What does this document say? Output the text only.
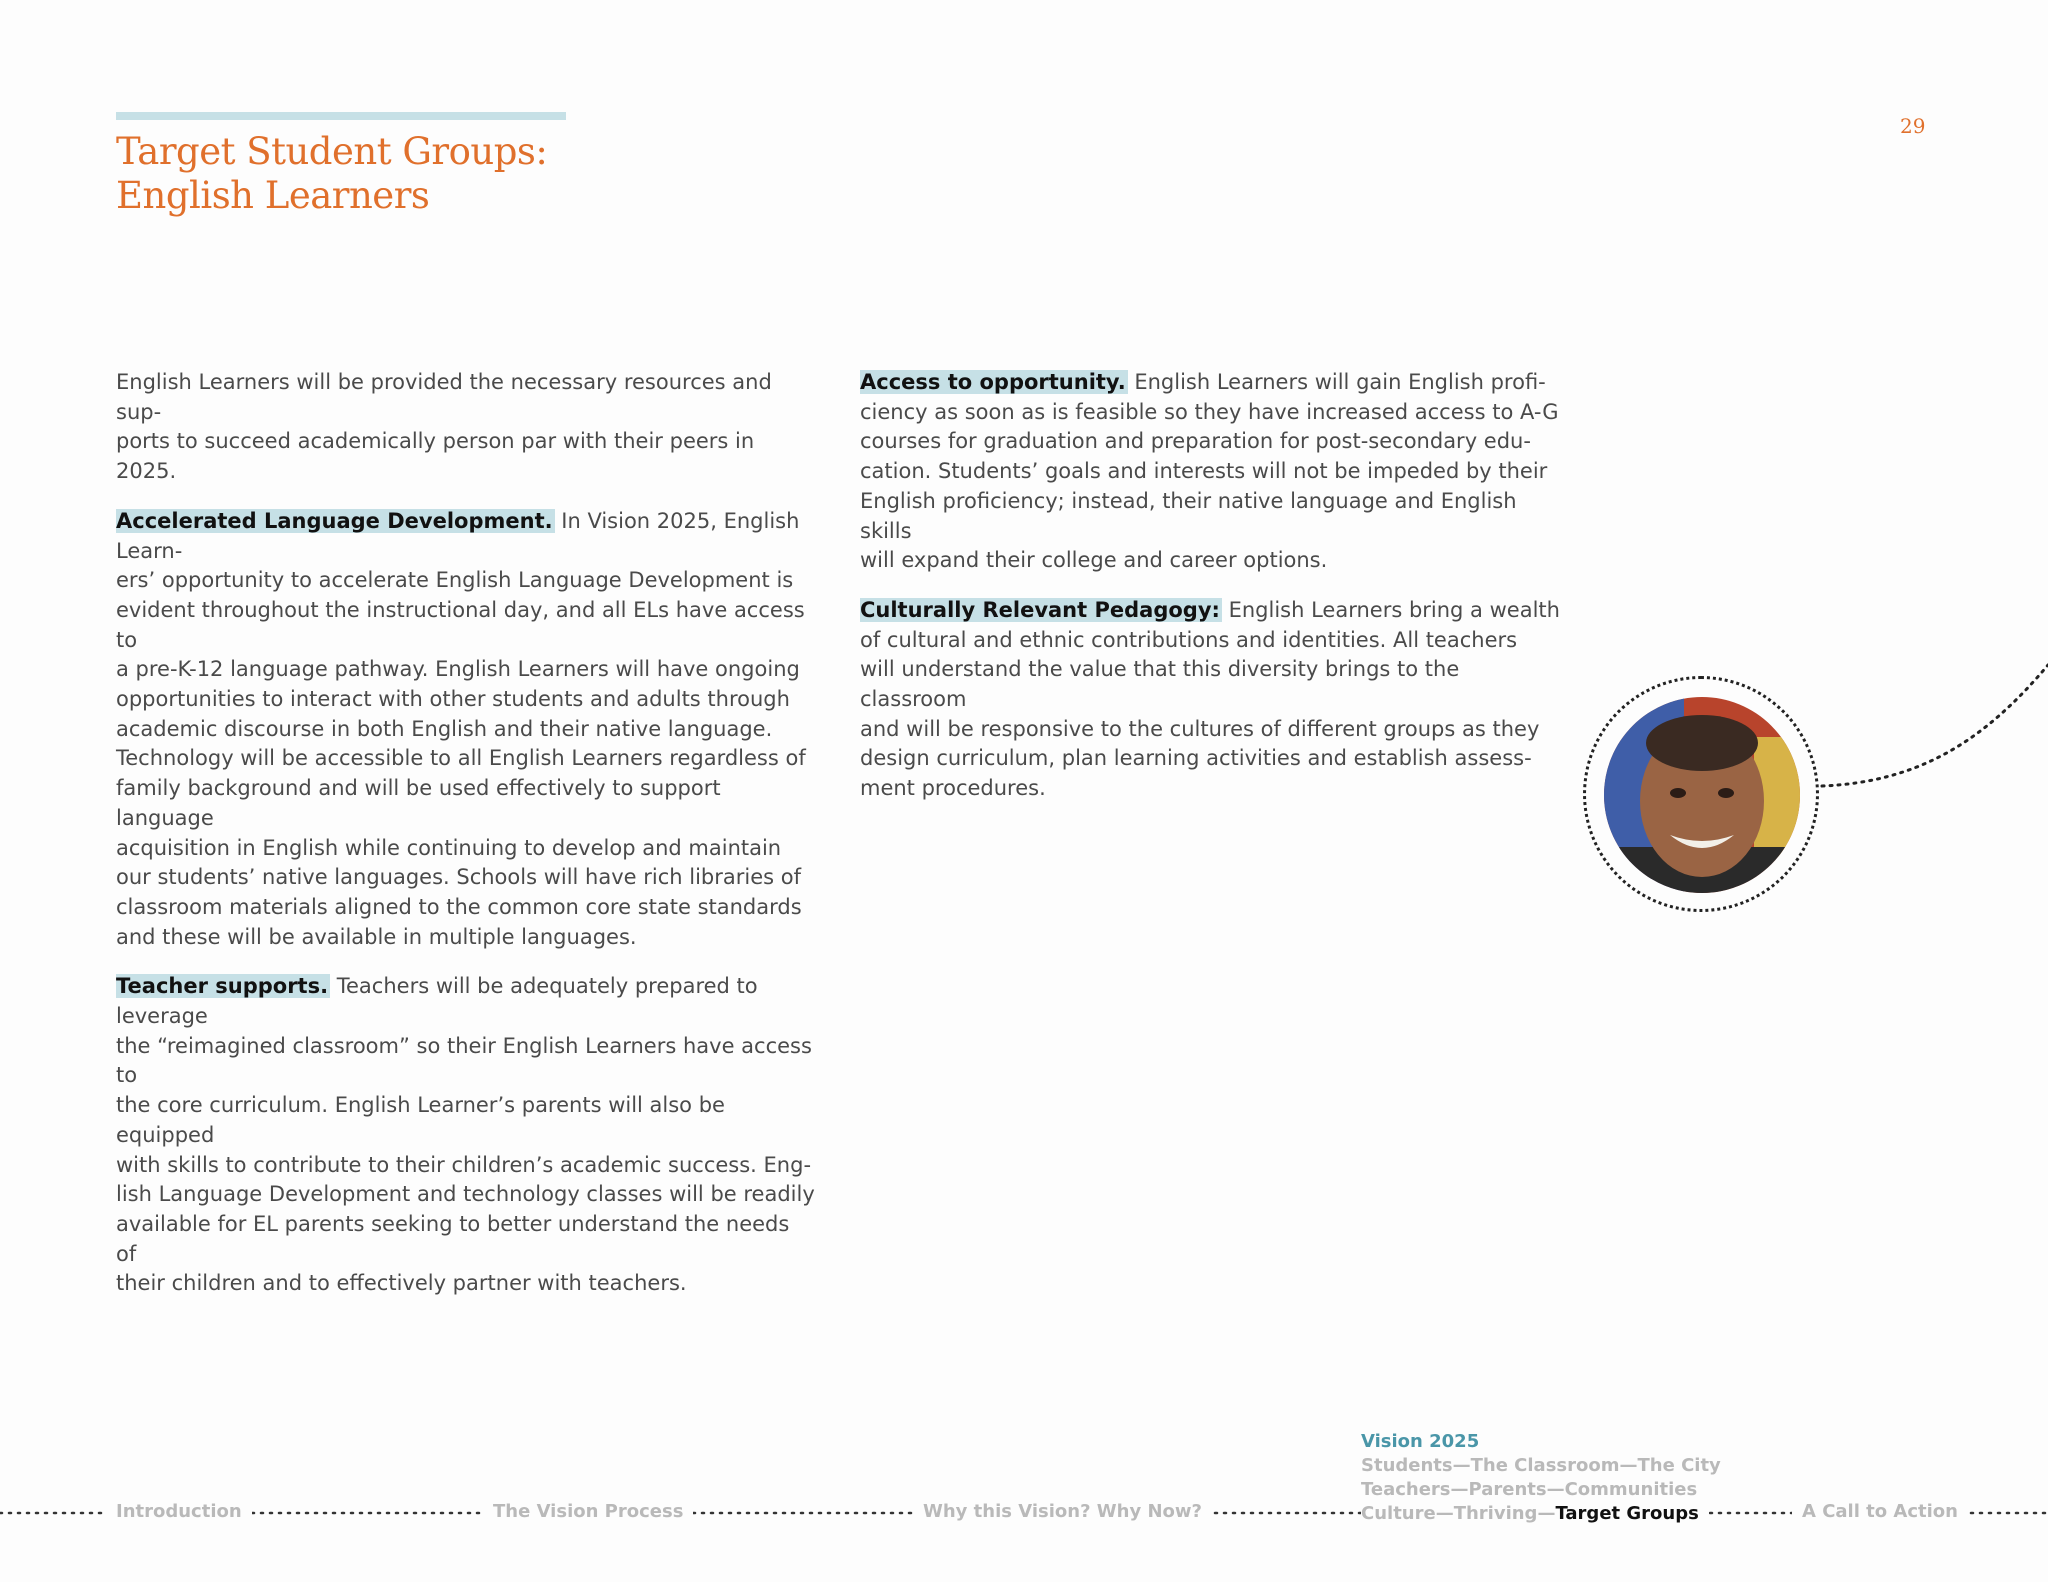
Target Student Groups:
English Learners
29

English Learners will be provided the necessary resources and sup-
ports to succeed academically person par with their peers in 2025.

Accelerated Language Development. In Vision 2025, English Learn-
ers’ opportunity to accelerate English Language Development is
evident throughout the instructional day, and all ELs have access to
a pre-K-12 language pathway. English Learners will have ongoing
opportunities to interact with other students and adults through
academic discourse in both English and their native language.
Technology will be accessible to all English Learners regardless of
family background and will be used effectively to support language
acquisition in English while continuing to develop and maintain
our students’ native languages. Schools will have rich libraries of
classroom materials aligned to the common core state standards
and these will be available in multiple languages.

Teacher supports. Teachers will be adequately prepared to leverage
the “reimagined classroom” so their English Learners have access to
the core curriculum. English Learner’s parents will also be equipped
with skills to contribute to their children’s academic success. Eng-
lish Language Development and technology classes will be readily
available for EL parents seeking to better understand the needs of
their children and to effectively partner with teachers.

Access to opportunity. English Learners will gain English profi-
ciency as soon as is feasible so they have increased access to A-G
courses for graduation and preparation for post-secondary edu-
cation. Students’ goals and interests will not be impeded by their
English proficiency; instead, their native language and English skills
will expand their college and career options.

Culturally Relevant Pedagogy: English Learners bring a wealth
of cultural and ethnic contributions and identities. All teachers
will understand the value that this diversity brings to the classroom
and will be responsive to the cultures of different groups as they
design curriculum, plan learning activities and establish assess-
ment procedures.

Introduction	The Vision Process	Why this Vision? Why Now?	A Call to Action
Vision 2025
Students—The Classroom—The City
Teachers—Parents—Communities
Culture—Thriving—Target Groups
